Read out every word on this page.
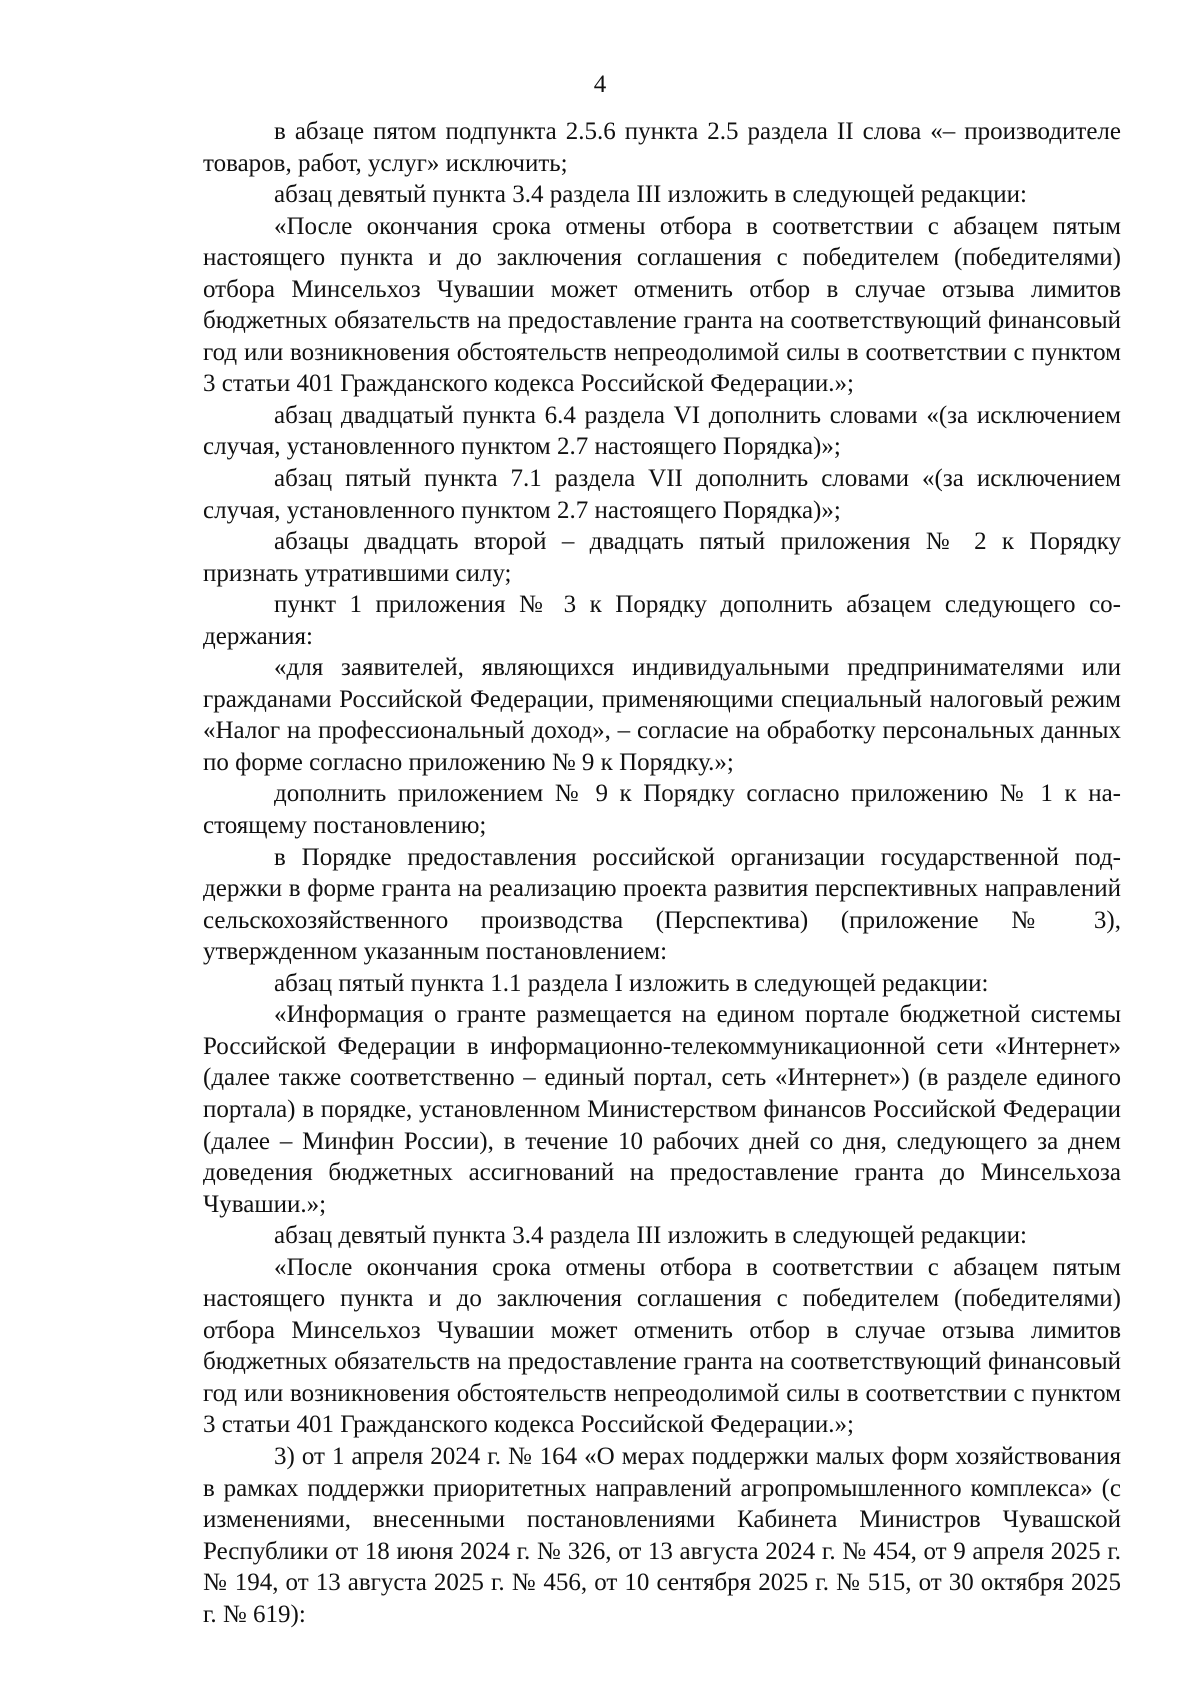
4

в абзаце пятом подпункта 2.5.6 пункта 2.5 раздела II слова «– производителе товаров, работ, услуг» исключить;

абзац девятый пункта 3.4 раздела III изложить в следующей редакции:

«После окончания срока отмены отбора в соответствии с абзацем пятым настоящего пункта и до заключения соглашения с победителем (победителями) отбора Минсельхоз Чувашии может отменить отбор в случае отзыва лимитов бюджетных обязательств на предоставление гранта на соответствующий финансовый год или возникновения обстоятельств непреодолимой силы в соответствии с пунктом 3 статьи 401 Гражданского кодекса Российской Федерации.»;

абзац двадцатый пункта 6.4 раздела VI дополнить словами «(за исключением случая, установленного пунктом 2.7 настоящего Порядка)»;

абзац пятый пункта 7.1 раздела VII дополнить словами «(за исключением случая, установленного пунктом 2.7 настоящего Порядка)»;

абзацы двадцать второй – двадцать пятый приложения № 2 к Порядку признать утратившими силу;

пункт 1 приложения № 3 к Порядку дополнить абзацем следующего содержания:

«для заявителей, являющихся индивидуальными предпринимателями или гражданами Российской Федерации, применяющими специальный налоговый режим «Налог на профессиональный доход», – согласие на обработку персональных данных по форме согласно приложению № 9 к Порядку.»;

дополнить приложением № 9 к Порядку согласно приложению № 1 к настоящему постановлению;

в Порядке предоставления российской организации государственной поддержки в форме гранта на реализацию проекта развития перспективных направлений сельскохозяйственного производства (Перспектива) (приложение № 3), утвержденном указанным постановлением:

абзац пятый пункта 1.1 раздела I изложить в следующей редакции:

«Информация о гранте размещается на едином портале бюджетной системы Российской Федерации в информационно-телекоммуникационной сети «Интернет» (далее также соответственно – единый портал, сеть «Интернет») (в разделе единого портала) в порядке, установленном Министерством финансов Российской Федерации (далее – Минфин России), в течение 10 рабочих дней со дня, следующего за днем доведения бюджетных ассигнований на предоставление гранта до Минсельхоза Чувашии.»;

абзац девятый пункта 3.4 раздела III изложить в следующей редакции:

«После окончания срока отмены отбора в соответствии с абзацем пятым настоящего пункта и до заключения соглашения с победителем (победителями) отбора Минсельхоз Чувашии может отменить отбор в случае отзыва лимитов бюджетных обязательств на предоставление гранта на соответствующий финансовый год или возникновения обстоятельств непреодолимой силы в соответствии с пунктом 3 статьи 401 Гражданского кодекса Российской Федерации.»;

3) от 1 апреля 2024 г. № 164 «О мерах поддержки малых форм хозяйствования в рамках поддержки приоритетных направлений агропромышленного комплекса» (с изменениями, внесенными постановлениями Кабинета Министров Чувашской Республики от 18 июня 2024 г. № 326, от 13 августа 2024 г. № 454, от 9 апреля 2025 г. № 194, от 13 августа 2025 г. № 456, от 10 сентября 2025 г. № 515, от 30 октября 2025 г. № 619):
